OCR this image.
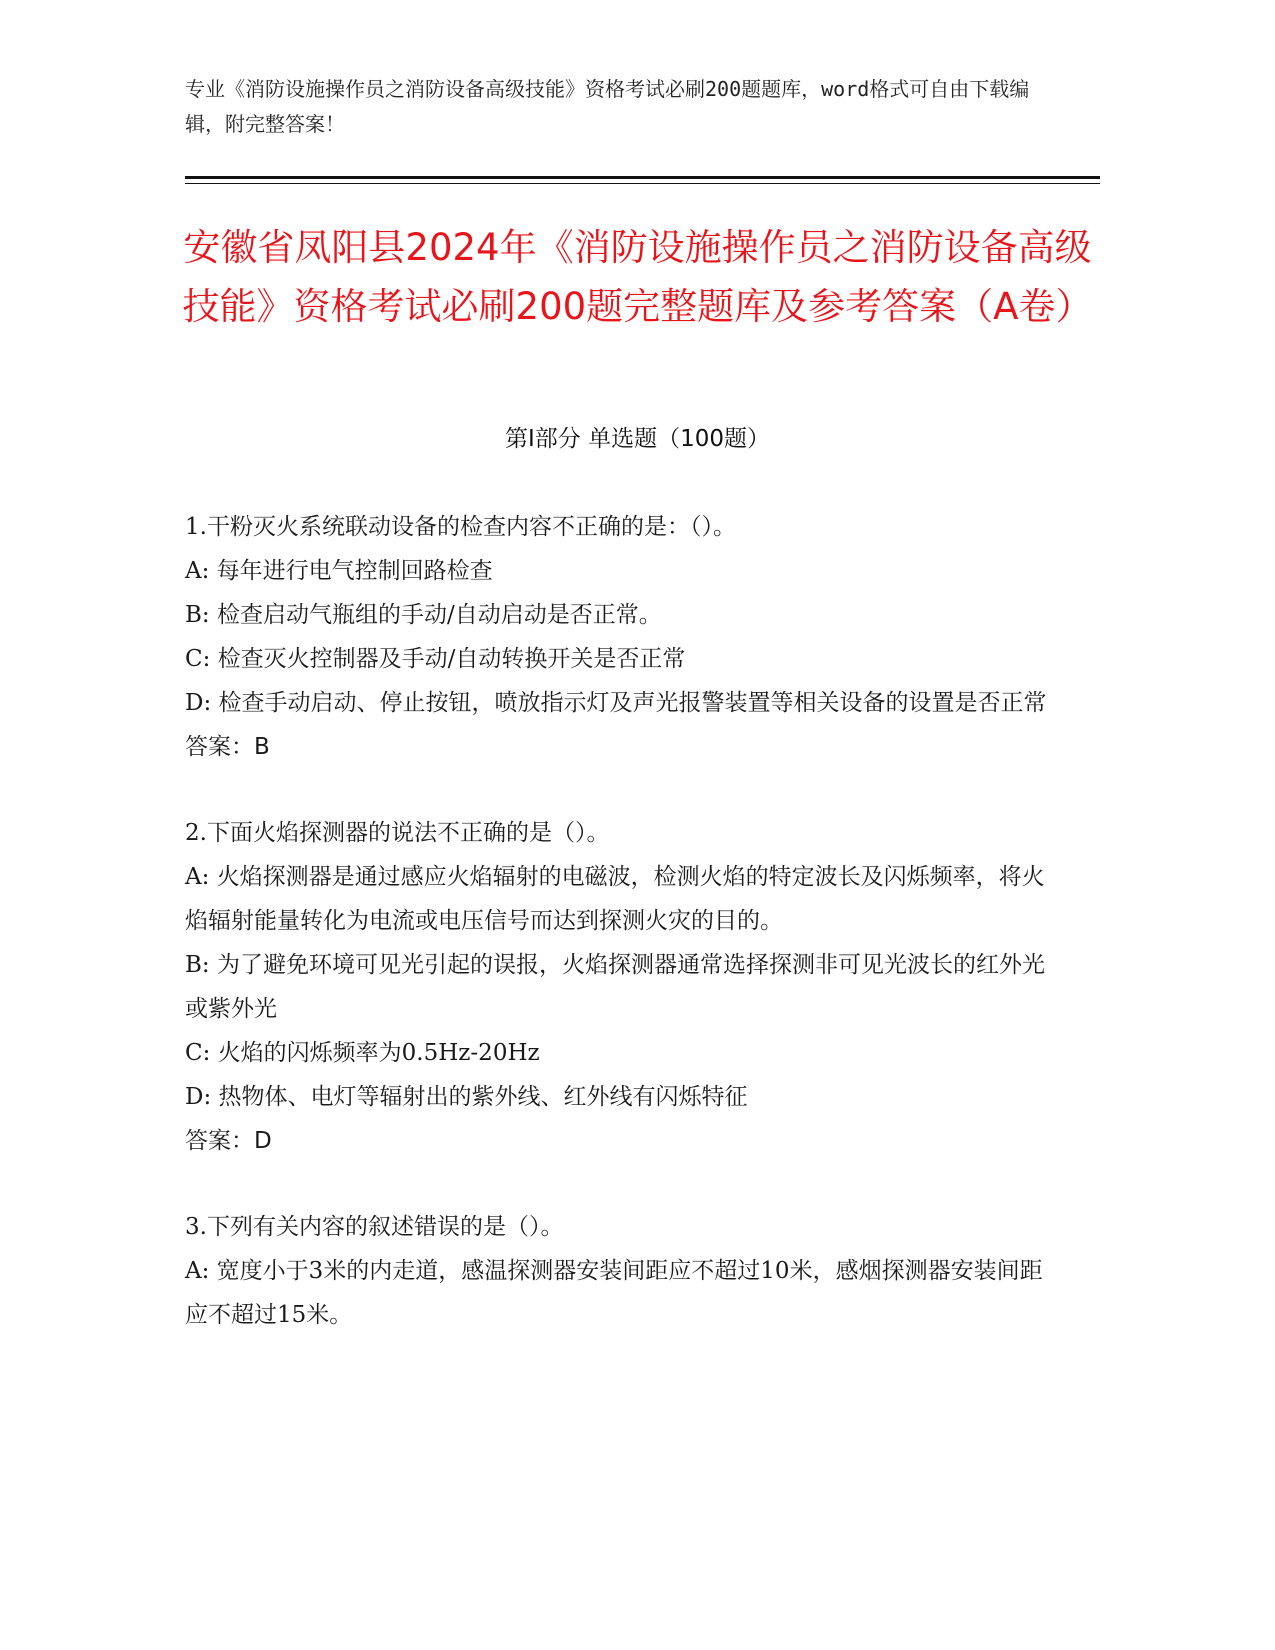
专业《消防设施操作员之消防设备高级技能》资格考试必刷200题题库，word格式可自由下载编辑，附完整答案！
安徽省凤阳县2024年《消防设施操作员之消防设备高级技能》资格考试必刷200题完整题库及参考答案（A卷）
第I部分 单选题（100题）

1.干粉灭火系统联动设备的检查内容不正确的是：（）。

A: 每年进行电气控制回路检查

B: 检查启动气瓶组的手动/自动启动是否正常。

C: 检查灭火控制器及手动/自动转换开关是否正常

D: 检查手动启动、停止按钮，喷放指示灯及声光报警装置等相关设备的设置是否正常

答案：B

2.下面火焰探测器的说法不正确的是（）。

A: 火焰探测器是通过感应火焰辐射的电磁波，检测火焰的特定波长及闪烁频率，将火焰辐射能量转化为电流或电压信号而达到探测火灾的目的。

B: 为了避免环境可见光引起的误报，火焰探测器通常选择探测非可见光波长的红外光或紫外光

C: 火焰的闪烁频率为0.5Hz-20Hz

D: 热物体、电灯等辐射出的紫外线、红外线有闪烁特征

答案：D

3.下列有关内容的叙述错误的是（）。

A: 宽度小于3米的内走道，感温探测器安装间距应不超过10米，感烟探测器安装间距应不超过15米。
